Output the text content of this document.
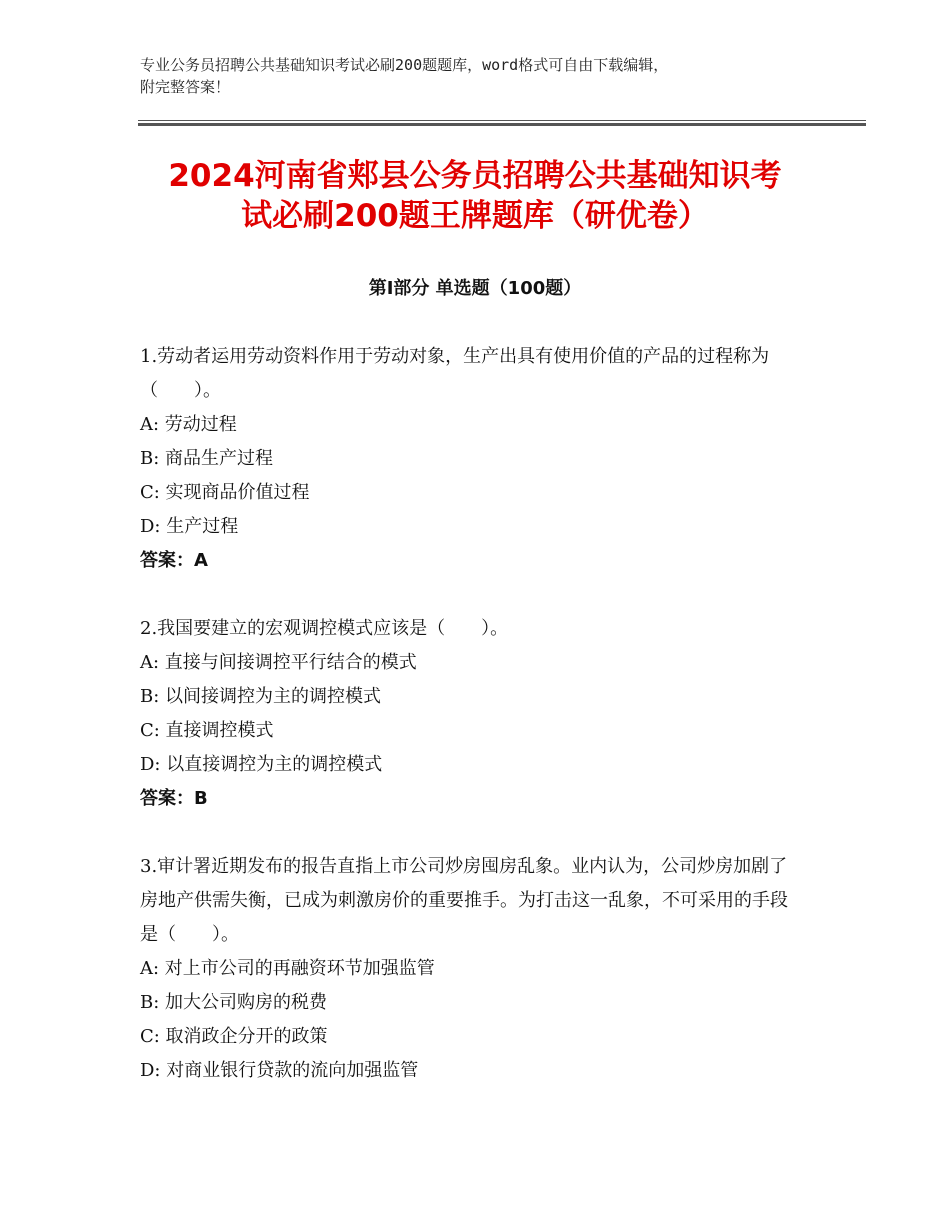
专业公务员招聘公共基础知识考试必刷200题题库，word格式可自由下载编辑，
附完整答案！
2024河南省郏县公务员招聘公共基础知识考
试必刷200题王牌题库（研优卷）
第Ⅰ部分 单选题（100题）
1.劳动者运用劳动资料作用于劳动对象，生产出具有使用价值的产品的过程称为（　　）。
A: 劳动过程
B: 商品生产过程
C: 实现商品价值过程
D: 生产过程
答案：A
2.我国要建立的宏观调控模式应该是（　　）。
A: 直接与间接调控平行结合的模式
B: 以间接调控为主的调控模式
C: 直接调控模式
D: 以直接调控为主的调控模式
答案：B
3.审计署近期发布的报告直指上市公司炒房囤房乱象。业内认为，公司炒房加剧了房地产供需失衡，已成为刺激房价的重要推手。为打击这一乱象，不可采用的手段是（　　）。
A: 对上市公司的再融资环节加强监管
B: 加大公司购房的税费
C: 取消政企分开的政策
D: 对商业银行贷款的流向加强监管
